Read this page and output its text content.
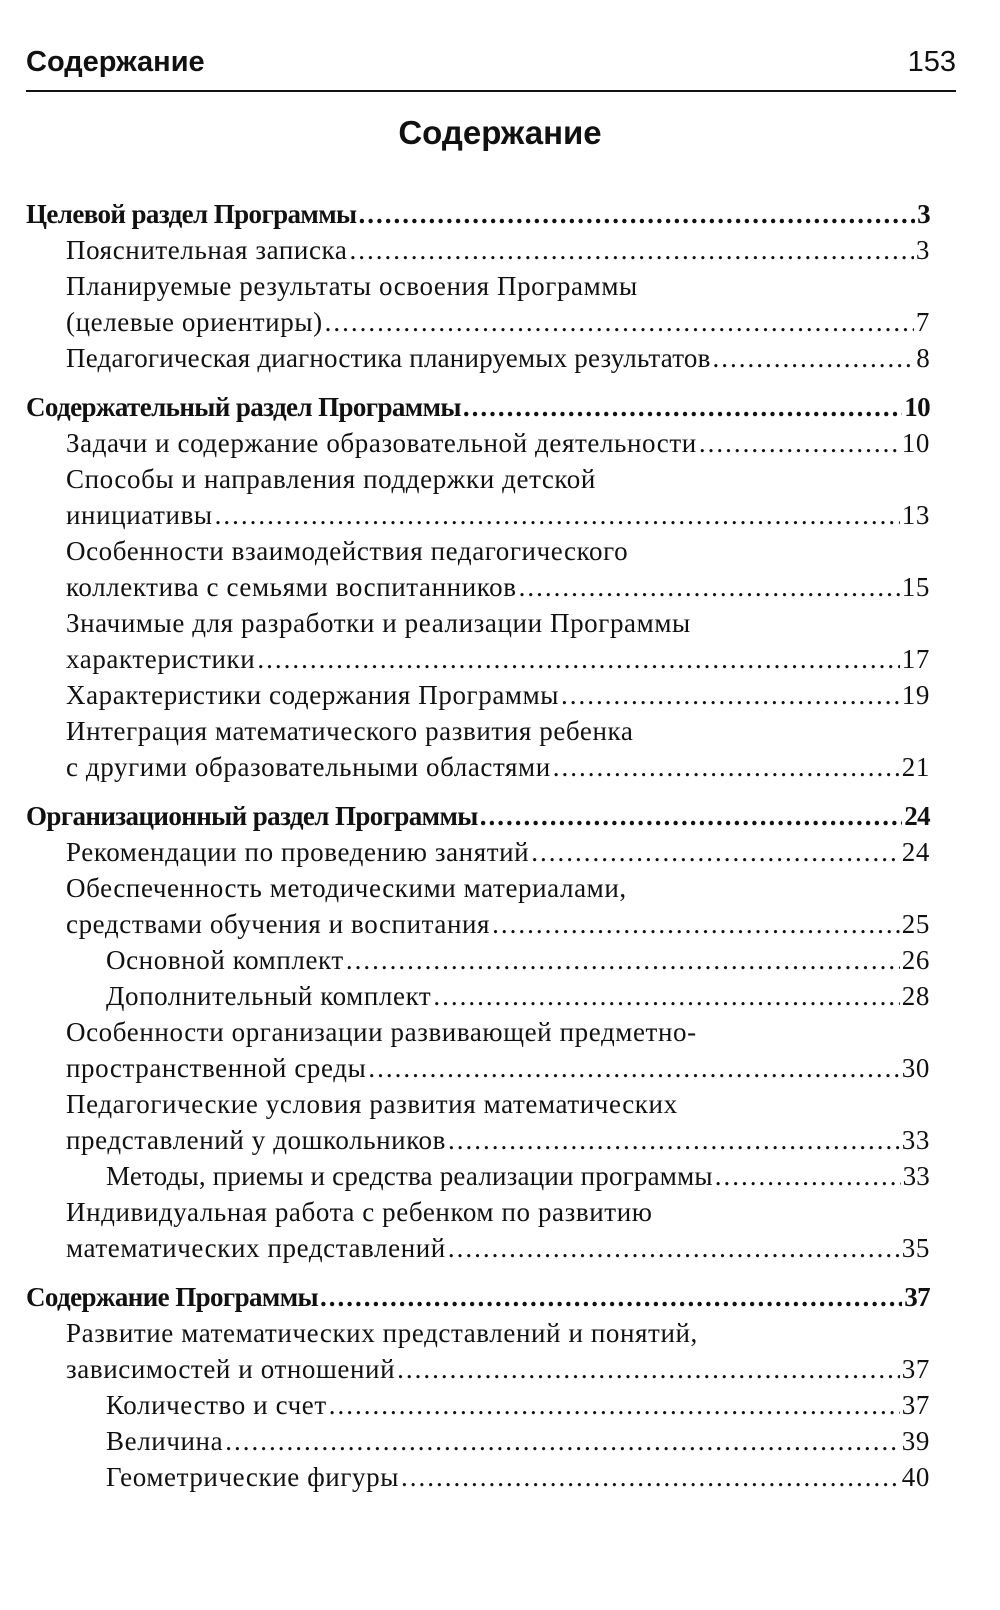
Содержание	153
Содержание
Целевой раздел Программы .....	3
Пояснительная записка .....	3
Планируемые результаты освоения Программы
(целевые ориентиры) .....	7
Педагогическая диагностика планируемых результатов .....	8
Содержательный раздел Программы .....	10
Задачи и содержание образовательной деятельности .....	10
Способы и направления поддержки детской
инициативы .....	13
Особенности взаимодействия педагогического
коллектива с семьями воспитанников .....	15
Значимые для разработки и реализации Программы
характеристики .....	17
Характеристики содержания Программы .....	19
Интеграция математического развития ребенка
с другими образовательными областями .....	21
Организационный раздел Программы .....	24
Рекомендации по проведению занятий .....	24
Обеспеченность методическими материалами,
средствами обучения и воспитания .....	25
Основной комплект .....	26
Дополнительный комплект .....	28
Особенности организации развивающей предметно-
пространственной среды .....	30
Педагогические условия развития математических
представлений у дошкольников .....	33
Методы, приемы и средства реализации программы .....	33
Индивидуальная работа с ребенком по развитию
математических представлений .....	35
Содержание Программы .....	37
Развитие математических представлений и понятий,
зависимостей и отношений .....	37
Количество и счет .....	37
Величина .....	39
Геометрические фигуры .....	40
